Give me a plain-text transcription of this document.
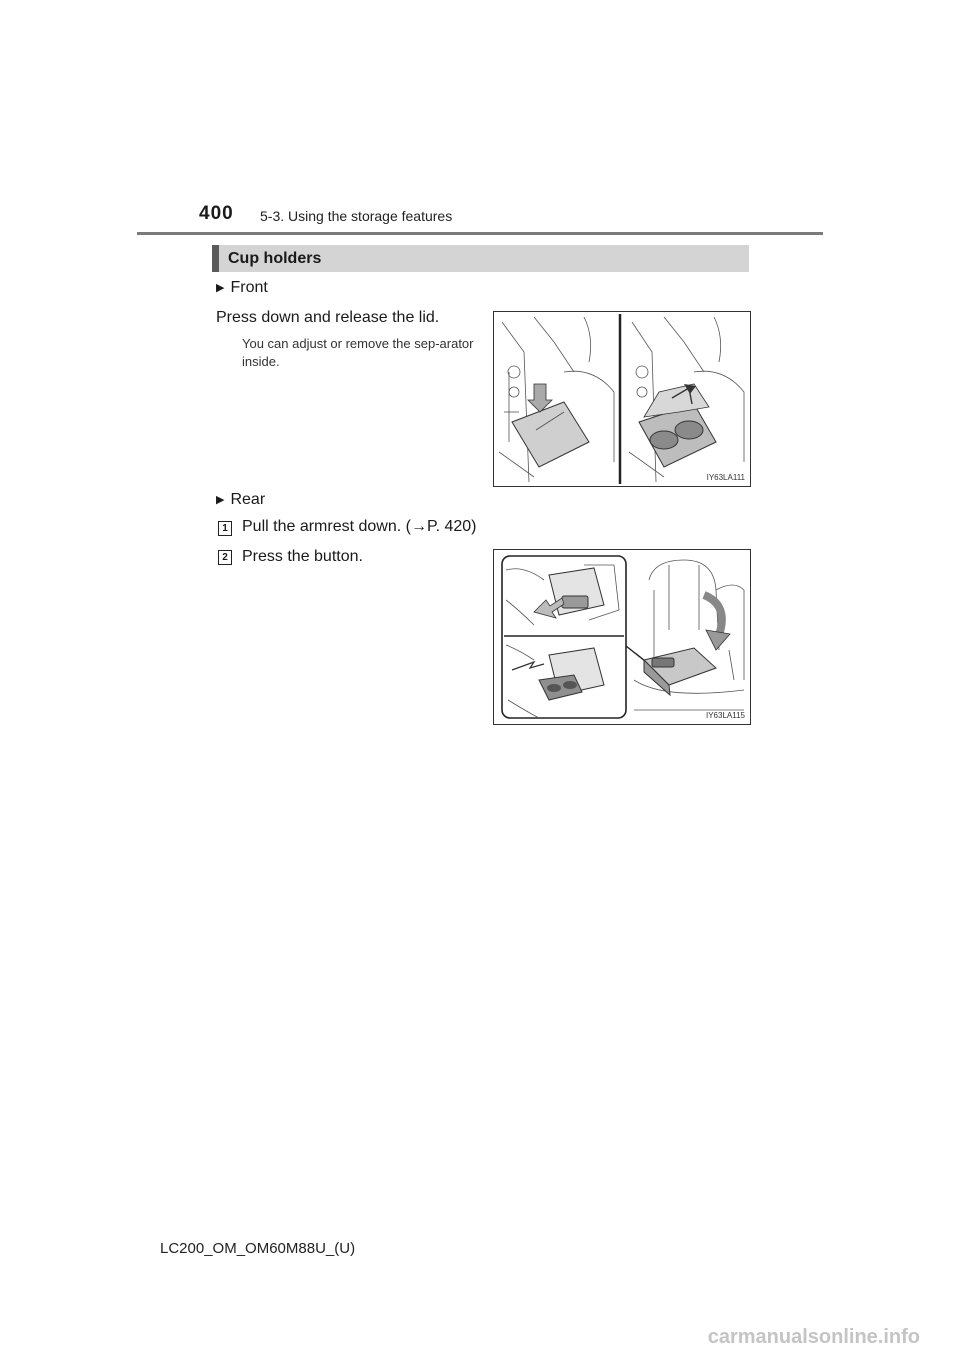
400 5-3. Using the storage features
Cup holders
▶ Front
Press down and release the lid.
You can adjust or remove the sep-arator inside.
IY63LA111
▶ Rear
1 Pull the armrest down. (→P. 420)
2 Press the button.
IY63LA115
LC200_OM_OM60M88U_(U)
carmanualsonline.info
